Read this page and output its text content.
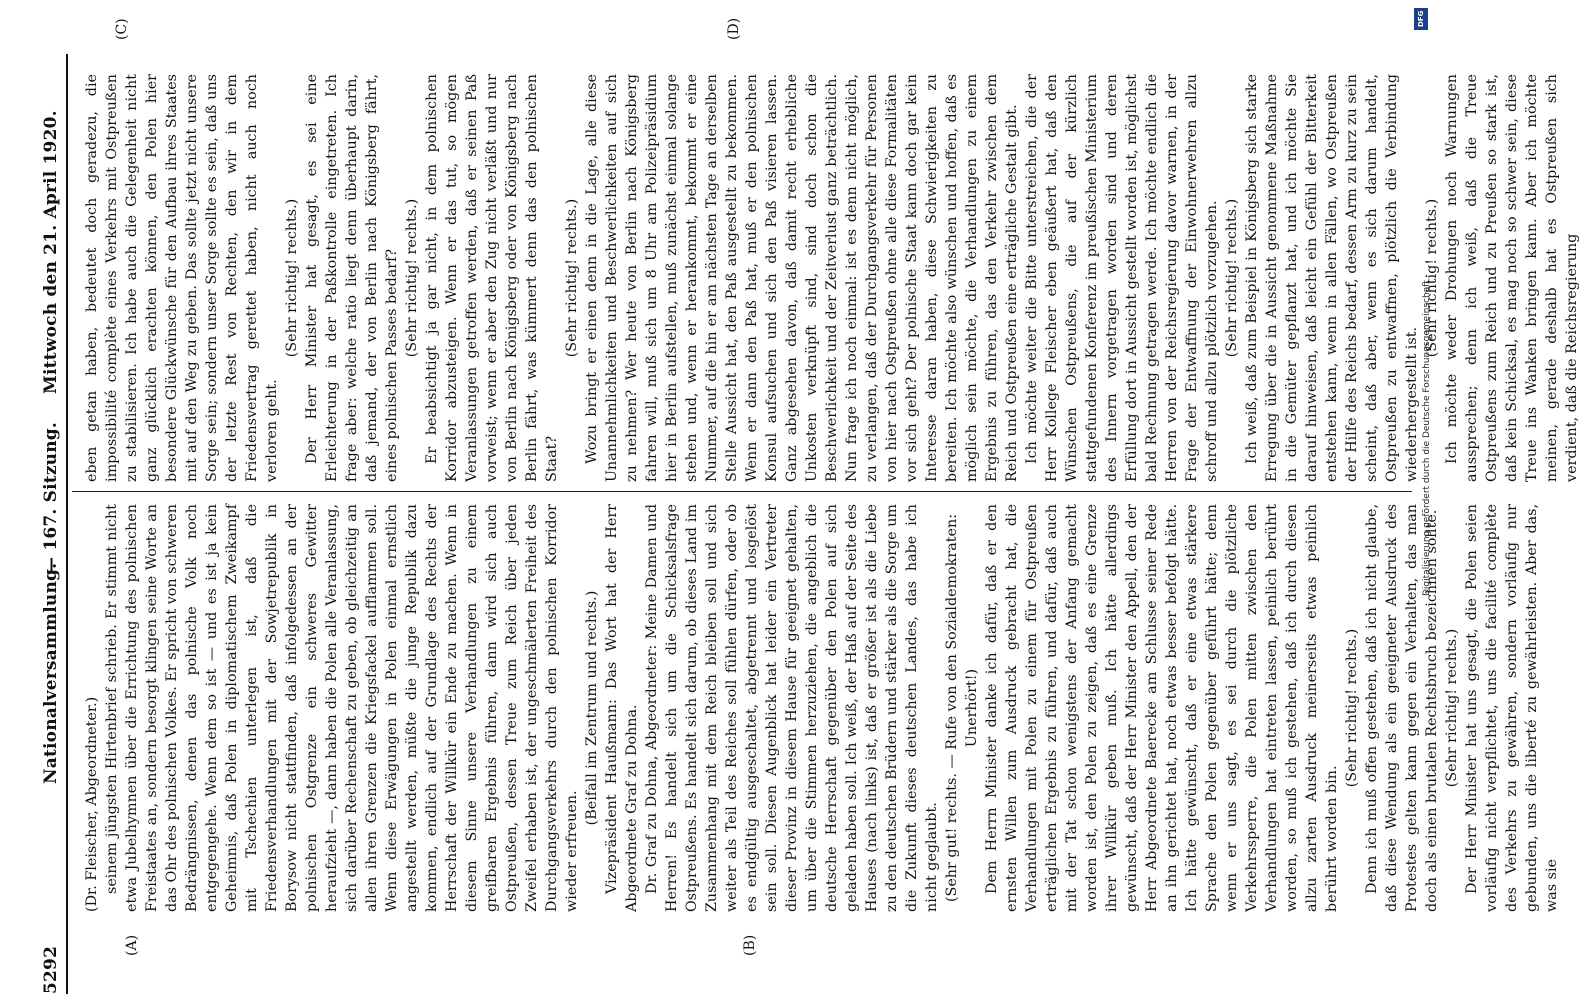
5292
Nationalversammlung.
— 167. Sitzung.
Mittwoch den 21. April 1920.
(A)	(B)
(C)	(D)

(Dr. Fleischer, Abgeordneter.) seinem jüngsten Hirtenbrief schrieb. Er stimmt nicht etwa Jubelhymnen über die Errichtung des polnischen Freistaates an, sondern besorgt klingen seine Worte an das Ohr des polnischen Volkes. Er spricht von schweren Bedrängnissen, denen das polnische Volk noch entgegengehe. Wenn dem so ist — und es ist ja kein Geheimnis, daß Polen in diplomatischem Zweikampf mit Tschechien unterlegen ist, daß die Friedensverhandlungen mit der Sowjetrepublik in Borysow nicht stattfinden, daß infolgedessen an der polnischen Ostgrenze ein schweres Gewitter heraufzieht —, dann haben die Polen alle Veranlassung, sich darüber Rechenschaft zu geben, ob gleichzeitig an allen ihren Grenzen die Kriegsfackel aufflammen soll. Wenn diese Erwägungen in Polen einmal ernstlich angestellt werden, müßte die junge Republik dazu kommen, endlich auf der Grundlage des Rechts der Herrschaft der Willkür ein Ende zu machen. Wenn in diesem Sinne unsere Verhandlungen zu einem greifbaren Ergebnis führen, dann wird sich auch Ostpreußen, dessen Treue zum Reich über jeden Zweifel erhaben ist, der ungeschmälerten Freiheit des Durchgangsverkehrs durch den polnischen Korridor wieder erfreuen.

(Beifall im Zentrum und rechts.) Vizepräsident Haußmann: Das Wort hat der Herr Abgeordnete Graf zu Dohna. Dr. Graf zu Dohna, Abgeordneter: Meine Damen und Herren! Es handelt sich um die Schicksalsfrage Ostpreußens. Es handelt sich darum, ob dieses Land im Zusammenhang mit dem Reich bleiben soll und sich weiter als Teil des Reiches soll fühlen dürfen, oder ob es endgültig ausgeschaltet, abgetrennt und losgelöst sein soll. Diesen Augenblick hat leider ein Vertreter dieser Provinz in diesem Hause für geeignet gehalten, um über die Stimmen herzuziehen, die angeblich die deutsche Herrschaft gegenüber den Polen auf sich geladen haben soll. Ich weiß, der Haß auf der Seite des Hauses (nach links) ist, daß er größer ist als die Liebe zu den deutschen Brüdern und stärker als die Sorge um die Zukunft dieses deutschen Landes, das habe ich nicht geglaubt. (Sehr gut! rechts. — Rufe von den Sozialdemokraten: Unerhört!) Dem Herrn Minister danke ich dafür, daß er den ernsten Willen zum Ausdruck gebracht hat, die Verhandlungen mit Polen zu einem für Ostpreußen erträglichen Ergebnis zu führen, und dafür, daß auch mit der Tat schon wenigstens der Anfang gemacht worden ist, den Polen zu zeigen, daß es eine Grenze ihrer Willkür geben muß. Ich hätte allerdings gewünscht, daß der Herr Minister den Appell, den der Herr Abgeordnete Baerecke am Schlusse seiner Rede an ihn gerichtet hat, noch etwas besser befolgt hätte. Ich hätte gewünscht, daß er eine etwas stärkere Sprache den Polen gegenüber geführt hätte; denn wenn er uns sagt, es sei durch die plötzliche Verkehrssperre, die Polen mitten zwischen den Verhandlungen hat eintreten lassen, peinlich berührt worden, so muß ich gestehen, daß ich durch diesen allzu zarten Ausdruck meinerseits etwas peinlich berührt worden bin.

(Sehr richtig! rechts.) Denn ich muß offen gestehen, daß ich nicht glaube, daß diese Wendung als ein geeigneter Ausdruck des Protestes gelten kann gegen ein Verhalten, das man doch als einen brutalen Rechtsbruch bezeichnen sollte. (Sehr richtig! rechts.) Der Herr Minister hat uns gesagt, die Polen seien vorläufig nicht verpflichtet, uns die facilité complète des Verkehrs zu gewähren, sondern vorläufig nur gebunden, uns die liberté zu gewährleisten. Aber das, was sie

eben getan haben, bedeutet doch geradezu, die impossibilité complète eines Verkehrs mit Ostpreußen zu stabilisieren. Ich habe auch die Gelegenheit nicht ganz glücklich erachten können, den Polen hier besondere Glückwünsche für den Aufbau ihres Staates mit auf den Weg zu geben. Das sollte jetzt nicht unsere Sorge sein; sondern unser Sorge sollte es sein, daß uns der letzte Rest von Rechten, den wir in dem Friedensvertrag gerettet haben, nicht auch noch verloren geht.

(Sehr richtig! rechts.) Der Herr Minister hat gesagt, es sei eine Erleichterung in der Paßkontrolle eingetreten. Ich frage aber: welche ratio liegt denn überhaupt darin, daß jemand, der von Berlin nach Königsberg fährt, eines polnischen Passes bedarf? (Sehr richtig! rechts.) Er beabsichtigt ja gar nicht, in dem polnischen Korridor abzusteigen. Wenn er das tut, so mögen Veranlassungen getroffen werden, daß er seinen Paß vorweist; wenn er aber den Zug nicht verläßt und nur von Berlin nach Königsberg oder von Königsberg nach Berlin fährt, was kümmert denn das den polnischen Staat?

(Sehr richtig! rechts.) Wozu bringt er einen denn in die Lage, alle diese Unannehmlichkeiten und Beschwerlichkeiten auf sich zu nehmen? Wer heute von Berlin nach Königsberg fahren will, muß sich um 8 Uhr am Polizeipräsidium hier in Berlin aufstellen, muß zunächst einmal solange stehen und, wenn er herankommt, bekommt er eine Nummer, auf die hin er am nächsten Tage an derselben Stelle Aussicht hat, den Paß ausgestellt zu bekommen. Wenn er dann den Paß hat, muß er den polnischen Konsul aufsuchen und sich den Paß visieren lassen. Ganz abgesehen davon, daß damit recht erhebliche Unkosten verknüpft sind, sind doch schon die Beschwerlichkeit und der Zeitverlust ganz beträchtlich. Nun frage ich noch einmal: ist es denn nicht möglich, zu verlangen, daß der Durchgangsverkehr für Personen von hier nach Ostpreußen ohne alle diese Formalitäten vor sich geht? Der polnische Staat kann doch gar kein Interesse daran haben, diese Schwierigkeiten zu bereiten. Ich möchte also wünschen und hoffen, daß es möglich sein möchte, die Verhandlungen zu einem Ergebnis zu führen, das den Verkehr zwischen dem Reich und Ostpreußen eine erträgliche Gestalt gibt. Ich möchte weiter die Bitte unterstreichen, die der Herr Kollege Fleischer eben geäußert hat, daß den Wünschen Ostpreußens, die auf der kürzlich stattgefundenen Konferenz im preußischen Ministerium des Innern vorgetragen worden sind und deren Erfüllung dort in Aussicht gestellt worden ist, möglichst bald Rechnung getragen werde. Ich möchte endlich die Herren von der Reichsregierung davor warnen, in der Frage der Entwaffnung der Einwohnerwehren allzu schroff und allzu plötzlich vorzugehen. (Sehr richtig! rechts.) Ich weiß, daß zum Beispiel in Königsberg sich starke Erregung über die in Aussicht genommene Maßnahme in die Gemüter gepflanzt hat, und ich möchte Sie darauf hinweisen, daß leicht ein Gefühl der Bitterkeit entstehen kann, wenn in allen Fällen, wo Ostpreußen der Hilfe des Reichs bedarf, dessen Arm zu kurz zu sein scheint, daß aber, wenn es sich darum handelt, Ostpreußen zu entwaffnen, plötzlich die Verbindung wiederhergestellt ist.

(Sehr richtig! rechts.) Ich möchte weder Drohungen noch Warnungen aussprechen; denn ich weiß, daß die Treue Ostpreußens zum Reich und zu Preußen so stark ist, daß kein Schicksal, es mag noch so schwer sein, diese Treue ins Wanken bringen kann. Aber ich möchte meinen, gerade deshalb hat es Ostpreußen sich verdient, daß die Reichsregierung

DFG
Digitalisierung gefördert durch die Deutsche Forschungsgemeinschaft -
